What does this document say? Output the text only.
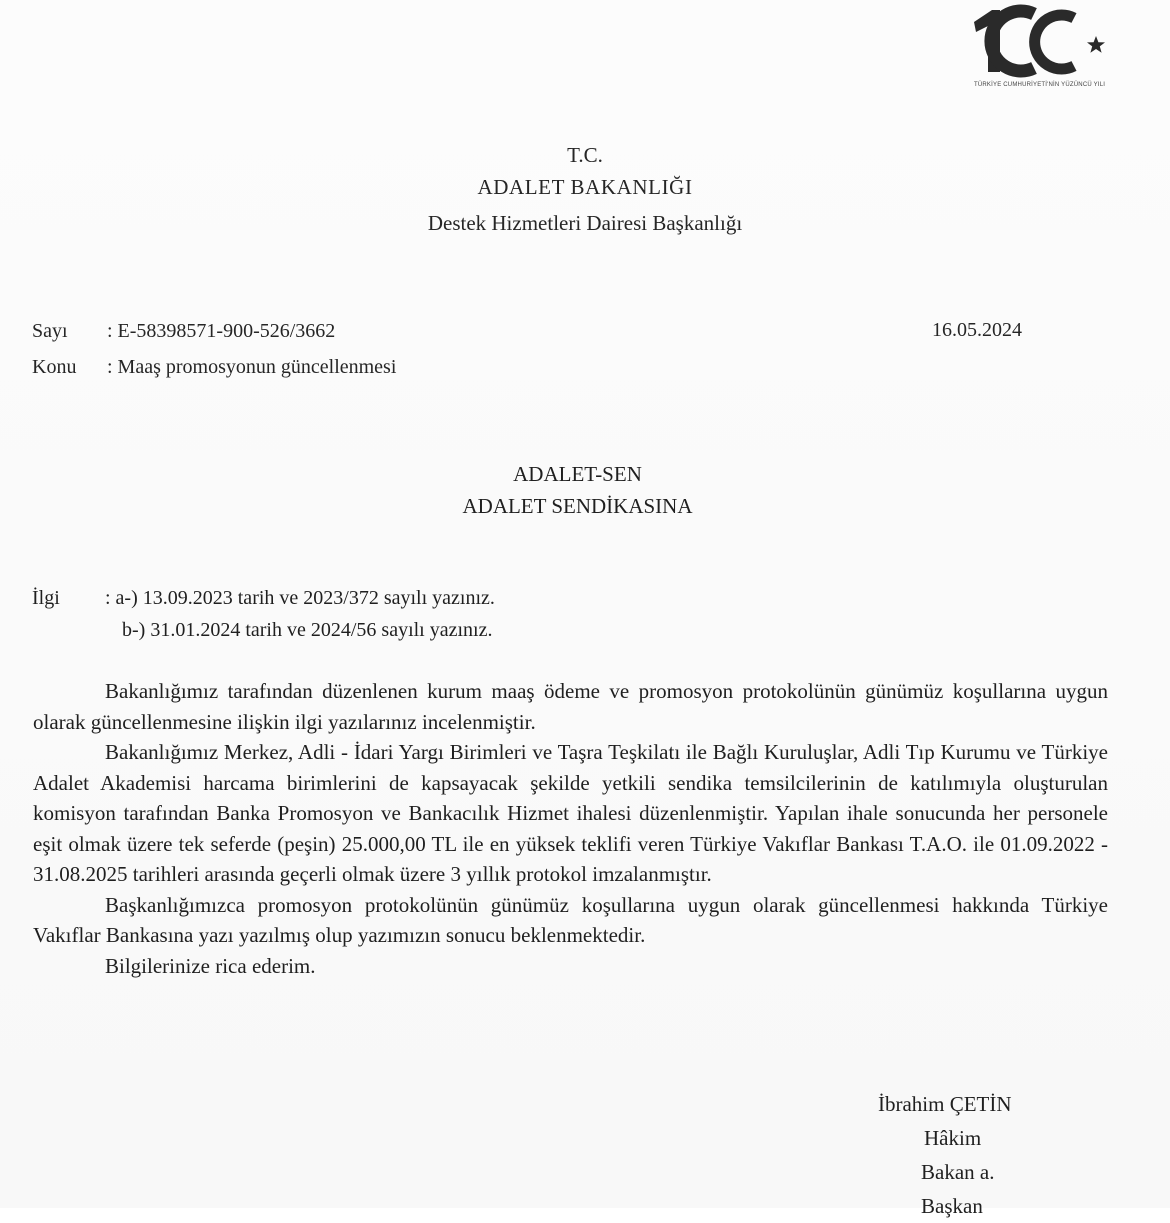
TÜRKİYE CUMHURİYETİ'NİN YÜZÜNCÜ YILI
T.C.
ADALET BAKANLIĞI
Destek Hizmetleri Dairesi Başkanlığı
Sayı : E-58398571-900-526/3662
Konu : Maaş promosyonun güncellenmesi
16.05.2024
ADALET-SEN
ADALET SENDİKASINA
İlgi : a-) 13.09.2023 tarih ve 2023/372 sayılı yazınız.
b-) 31.01.2024 tarih ve 2024/56 sayılı yazınız.

Bakanlığımız tarafından düzenlenen kurum maaş ödeme ve promosyon protokolünün günümüz koşullarına uygun olarak güncellenmesine ilişkin ilgi yazılarınız incelenmiştir.

Bakanlığımız Merkez, Adli - İdari Yargı Birimleri ve Taşra Teşkilatı ile Bağlı Kuruluşlar, Adli Tıp Kurumu ve Türkiye Adalet Akademisi harcama birimlerini de kapsayacak şekilde yetkili sendika temsilcilerinin de katılımıyla oluşturulan komisyon tarafından Banka Promosyon ve Bankacılık Hizmet ihalesi düzenlenmiştir. Yapılan ihale sonucunda her personele eşit olmak üzere tek seferde (peşin) 25.000,00 TL ile en yüksek teklifi veren Türkiye Vakıflar Bankası T.A.O. ile 01.09.2022 - 31.08.2025 tarihleri arasında geçerli olmak üzere 3 yıllık protokol imzalanmıştır.

Başkanlığımızca promosyon protokolünün günümüz koşullarına uygun olarak güncellenmesi hakkında Türkiye Vakıflar Bankasına yazı yazılmış olup yazımızın sonucu beklenmektedir.

Bilgilerinize rica ederim.

İbrahim ÇETİN
Hâkim
Bakan a.
Başkan
